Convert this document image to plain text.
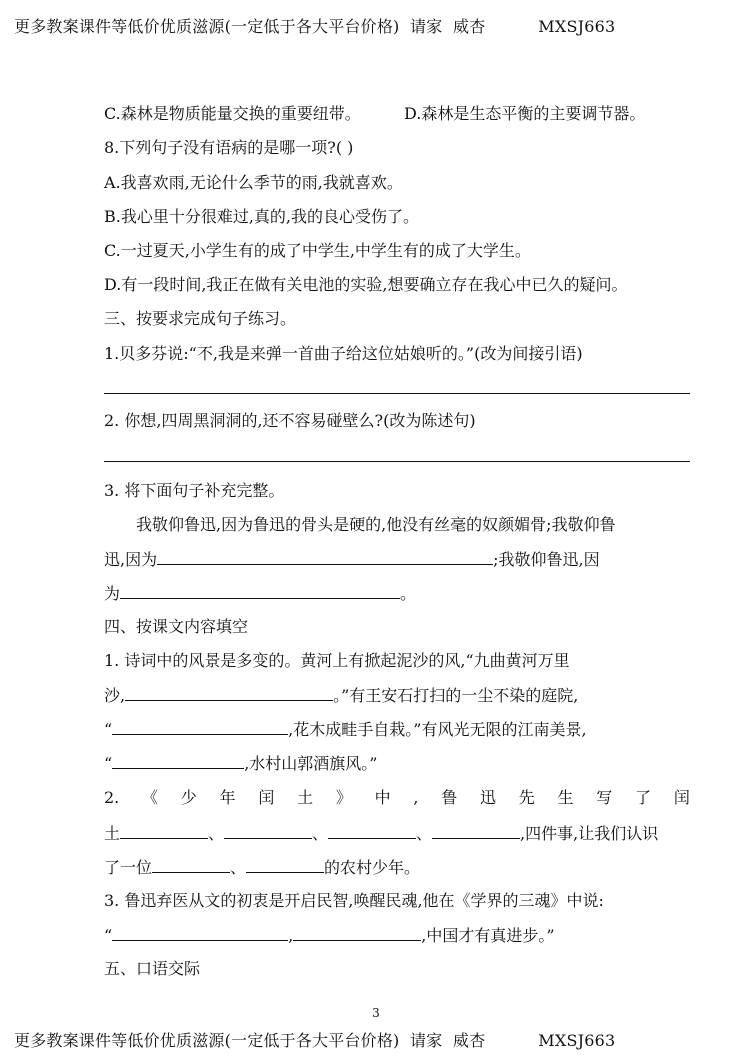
更多教案课件等低价优质滋源(一定低于各大平台价格)  请家  威杏          MXSJ663
C.森林是物质能量交换的重要纽带。	D.森林是生态平衡的主要调节器。
8.下列句子没有语病的是哪一项?( )
A.我喜欢雨,无论什么季节的雨,我就喜欢。
B.我心里十分很难过,真的,我的良心受伤了。
C.一过夏天,小学生有的成了中学生,中学生有的成了大学生。
D.有一段时间,我正在做有关电池的实验,想要确立存在我心中已久的疑问。
三、按要求完成句子练习。
1.贝多芬说:“不,我是来弹一首曲子给这位姑娘听的。”(改为间接引语)
2. 你想,四周黑洞洞的,还不容易碰壁么?(改为陈述句)
3. 将下面句子补充完整。
我敬仰鲁迅,因为鲁迅的骨头是硬的,他没有丝毫的奴颜媚骨;我敬仰鲁
迅,因为	;我敬仰鲁迅,因
为	。
四、按课文内容填空
1. 诗词中的风景是多变的。黄河上有掀起泥沙的风,“九曲黄河万里
沙,	。”有王安石打扫的一尘不染的庭院,
“	,花木成畦手自栽。”有风光无限的江南美景,
“	,水村山郭酒旗风。”
2. 《 少 年 闰 土 》 中 , 鲁 迅 先 生 写 了 闰
土	、	、	、	,四件事,让我们认识
了一位	、	的农村少年。
3. 鲁迅弃医从文的初衷是开启民智,唤醒民魂,他在《学界的三魂》中说:
“	,	,中国才有真进步。”
五、口语交际
3
更多教案课件等低价优质滋源(一定低于各大平台价格)  请家  威杏          MXSJ663
